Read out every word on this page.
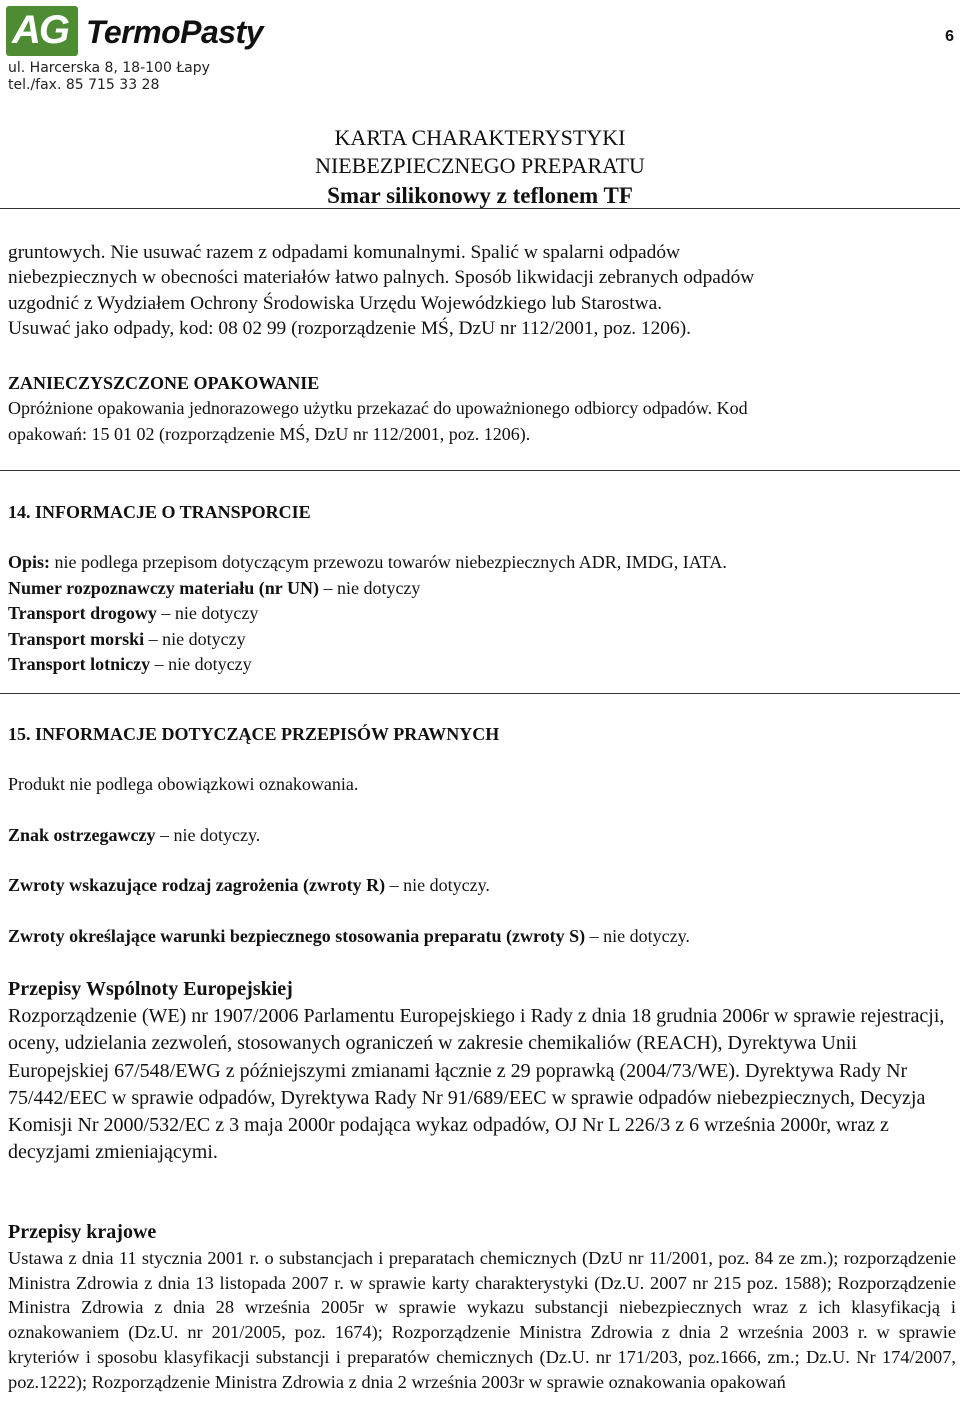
AG TermoPasty
ul. Harcerska 8, 18-100 Łapy
tel./fax. 85 715 33 28
6
KARTA CHARAKTERYSTYKI
NIEBEZPIECZNEGO PREPARATU
Smar silikonowy z teflonem TF

gruntowych. Nie usuwać razem z odpadami komunalnymi. Spalić w spalarni odpadów

niebezpiecznych w obecności materiałów łatwo palnych. Sposób likwidacji zebranych odpadów

uzgodnić z Wydziałem Ochrony Środowiska Urzędu Wojewódzkiego lub Starostwa.

Usuwać jako odpady, kod: 08 02 99 (rozporządzenie MŚ, DzU nr 112/2001, poz. 1206).

ZANIECZYSZCZONE OPAKOWANIE

Opróżnione opakowania jednorazowego użytku przekazać do upoważnionego odbiorcy odpadów. Kod

opakowań: 15 01 02 (rozporządzenie MŚ, DzU nr 112/2001, poz. 1206).

14. INFORMACJE O TRANSPORCIE

Opis: nie podlega przepisom dotyczącym przewozu towarów niebezpiecznych ADR, IMDG, IATA.

Numer rozpoznawczy materiału (nr UN) – nie dotyczy

Transport drogowy – nie dotyczy

Transport morski – nie dotyczy

Transport lotniczy – nie dotyczy

15. INFORMACJE DOTYCZĄCE PRZEPISÓW PRAWNYCH

Produkt nie podlega obowiązkowi oznakowania.

Znak ostrzegawczy – nie dotyczy.

Zwroty wskazujące rodzaj zagrożenia (zwroty R) – nie dotyczy.

Zwroty określające warunki bezpiecznego stosowania preparatu (zwroty S) – nie dotyczy.

Przepisy Wspólnoty Europejskiej

Rozporządzenie (WE) nr 1907/2006 Parlamentu Europejskiego i Rady z dnia 18 grudnia 2006r w sprawie rejestracji, oceny, udzielania zezwoleń, stosowanych ograniczeń w zakresie chemikaliów (REACH), Dyrektywa Unii Europejskiej 67/548/EWG z późniejszymi zmianami łącznie z 29 poprawką (2004/73/WE). Dyrektywa Rady Nr 75/442/EEC w sprawie odpadów, Dyrektywa Rady Nr 91/689/EEC w sprawie odpadów niebezpiecznych, Decyzja Komisji Nr 2000/532/EC z 3 maja 2000r podająca wykaz odpadów, OJ Nr L 226/3 z 6 września 2000r, wraz z decyzjami zmieniającymi.

Przepisy krajowe

Ustawa z dnia 11 stycznia 2001 r. o substancjach i preparatach chemicznych (DzU nr 11/2001, poz. 84 ze zm.); rozporządzenie Ministra Zdrowia z dnia 13 listopada 2007 r. w sprawie karty charakterystyki (Dz.U. 2007 nr 215 poz. 1588); Rozporządzenie Ministra Zdrowia z dnia 28 września 2005r w sprawie wykazu substancji niebezpiecznych wraz z ich klasyfikacją i oznakowaniem (Dz.U. nr 201/2005, poz. 1674); Rozporządzenie Ministra Zdrowia z dnia 2 września 2003 r. w sprawie kryteriów i sposobu klasyfikacji substancji i preparatów chemicznych (Dz.U. nr 171/203, poz.1666, zm.; Dz.U. Nr 174/2007, poz.1222); Rozporządzenie Ministra Zdrowia z dnia 2 września 2003r w sprawie oznakowania opakowań
